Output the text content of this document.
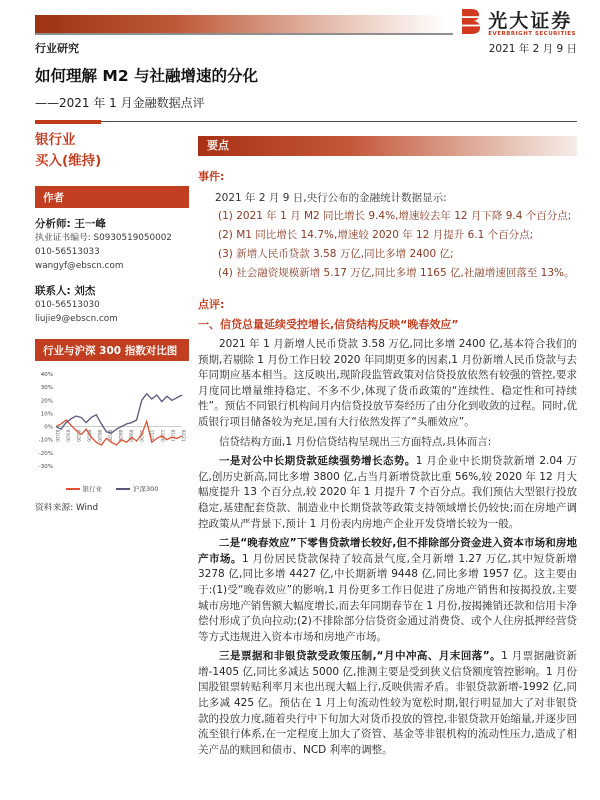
光大证券
EVERBRIGHT SECURITIES
行业研究	2021 年 2 月 9 日
如何理解 M2 与社融增速的分化
——2021 年 1 月金融数据点评
银行业
买入(维持)
作者
分析师: 王一峰
执业证书编号: S0930519050002
010-56513033
wangyf@ebscn.com
联系人: 刘杰
010-56513030
liujie9@ebscn.com
行业与沪深 300 指数对比图
40%
30%
20%
10%
0%
-10%
-20%
-30%
02/20 03/20 04/20 05/20 06/20 07/20 08/20 09/20 10/20 11/20 12/20 01/21 02/21
银行业	沪深300
资料来源: Wind
要点
事件:
2021 年 2 月 9 日,央行公布的金融统计数据显示:
(1) 2021 年 1 月 M2 同比增长 9.4%,增速较去年 12 月下降 9.4 个百分点;
(2) M1 同比增长 14.7%,增速较 2020 年 12 月提升 6.1 个百分点;
(3) 新增人民币贷款 3.58 万亿,同比多增 2400 亿;
(4) 社会融资规模新增 5.17 万亿,同比多增 1165 亿,社融增速回落至 13%。
点评:
一、信贷总量延续受控增长,信贷结构反映“晚春效应”
2021 年 1 月新增人民币贷款 3.58 万亿,同比多增 2400 亿,基本符合我们的预期,若剔除 1 月份工作日较 2020 年同期更多的因素,1 月份新增人民币贷款与去年同期应基本相当。这反映出,现阶段监管政策对信贷投放依然有较强的管控,要求月度同比增量维持稳定、不多不少,体现了货币政策的“连续性、稳定性和可持续性”。预估不同银行机构间月内信贷投放节奏经历了由分化到收敛的过程。同时,优质银行项目储备较为充足,国有大行依然发挥了“头雁效应”。
信贷结构方面,1 月份信贷结构呈现出三方面特点,具体而言:
一是对公中长期贷款延续强势增长态势。1 月企业中长期贷款新增 2.04 万亿,创历史新高,同比多增 3800 亿,占当月新增贷款比重 56%,较 2020 年 12 月大幅度提升 13 个百分点,较 2020 年 1 月提升 7 个百分点。我们预估大型银行投放稳定,基建配套贷款、制造业中长期贷款等政策支持领域增长仍较快;而在房地产调控政策从严背景下,预计 1 月份表内房地产企业开发贷增长较为一般。
二是“晚春效应”下零售贷款增长较好,但不排除部分资金进入资本市场和房地产市场。1 月份居民贷款保持了较高景气度,全月新增 1.27 万亿,其中短贷新增 3278 亿,同比多增 4427 亿,中长期新增 9448 亿,同比多增 1957 亿。这主要由于:(1)受“晚春效应”的影响,1 月份更多工作日促进了房地产销售和按揭投放,主要城市房地产销售额大幅度增长,而去年同期春节在 1 月份,按揭摊销还款和信用卡净偿付形成了负向拉动;(2)不排除部分信贷资金通过消费贷、或个人住房抵押经营贷等方式违规进入资本市场和房地产市场。
三是票据和非银贷款受政策压制,“月中冲高、月末回落”。1 月票据融资新增-1405 亿,同比多减达 5000 亿,推测主要是受到狭义信贷额度管控影响。1 月份国股银票转贴利率月末也出现大幅上行,反映供需矛盾。非银贷款新增-1992 亿,同比多减 425 亿。预估在 1 月上旬流动性较为宽松时期,银行明显加大了对非银贷款的投放力度,随着央行中下旬加大对货币投放的管控,非银贷款开始缩量,并逐步回流至银行体系,在一定程度上加大了资管、基金等非银机构的流动性压力,造成了相关产品的赎回和债市、NCD 利率的调整。
